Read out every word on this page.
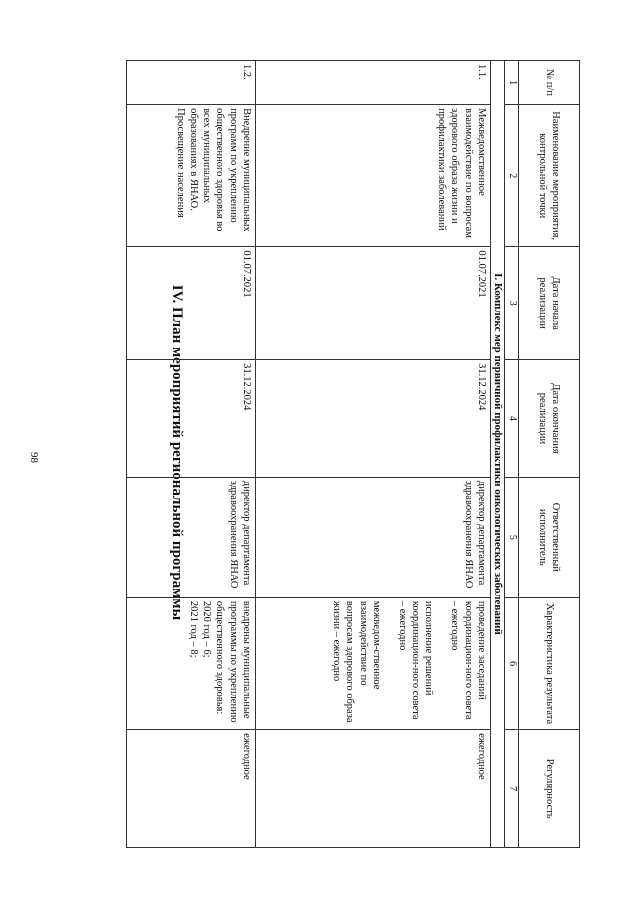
98	IV. План мероприятий региональной программы
№ п/п	Наименование мероприятия, контрольной точки	Дата начала реализации	Дата окончания реализации	Ответственный исполнитель	Характеристика результата	Регулярность
1	2	3	4	5	6	7
I. Комплекс мер первичной профилактики онкологических заболеваний						
1.1.	Межведомственное взаимодействие по вопросам здорового образа жизни и профилактики заболеваний	01.07.2021	31.12.2024	директор департамента здравоохранения ЯНАО	проведение заседаний координацион-ного совета – ежегодно

исполнение решений координацион-ного совета – ежегодно

межведом-ственное взаимодействие по вопросам здорового образа жизни – ежегодно	ежегодное
1.2.	Внедрение муниципальных программ по укреплению общественного здоровья во всех муниципальных образованиях в ЯНАО. Просвещение населения	01.07.2021	31.12.2024	директор департамента здравоохранения ЯНАО	внедрены муниципальные программы по укреплению общественного здоровья:
2020 год – 6;
2021 год – 8;	ежегодное
